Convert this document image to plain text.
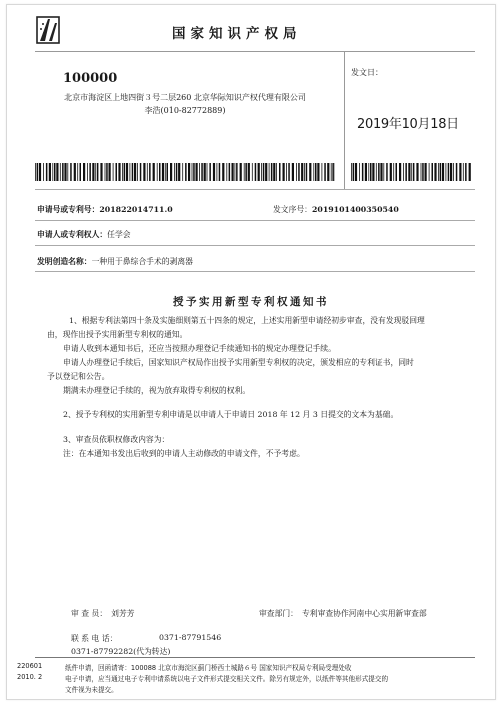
国家知识产权局
100000
北京市海淀区上地四街３号二层260 北京华际知识产权代理有限公司
李浩(010-82772889)
发文日：
2019年10月18日
申请号或专利号：201822014711.0	发文序号：2019101400350540
申请人或专利权人：任学会
发明创造名称：一种用于鼻综合手术的剥离器
授予实用新型专利权通知书
1、根据专利法第四十条及实施细则第五十四条的规定，上述实用新型申请经初步审查，没有发现驳回理
由，现作出授予实用新型专利权的通知。
申请人收到本通知书后，还应当按照办理登记手续通知书的规定办理登记手续。
申请人办理登记手续后，国家知识产权局作出授予实用新型专利权的决定，颁发相应的专利证书，同时
予以登记和公告。
期满未办理登记手续的，视为放弃取得专利权的权利。
2、授予专利权的实用新型专利申请是以申请人于申请日 2018 年 12 月 3 日提交的文本为基础。
3、审查员依职权修改内容为：
注：在本通知书发出后收到的申请人主动修改的申请文件，不予考虑。
审 查 员： 刘芳芳	审查部门： 专利审查协作河南中心实用新审查部
联 系 电 话：	0371-87791546
0371-87792282(代为转达)
220601
2010. 2
纸件申请，回函请寄：100088 北京市海淀区蓟门桥西土城路６号 国家知识产权局专利局受理处收
电子申请，应当通过电子专利申请系统以电子文件形式提交相关文件。除另有规定外，以纸件等其他形式提交的
文件视为未提交。
